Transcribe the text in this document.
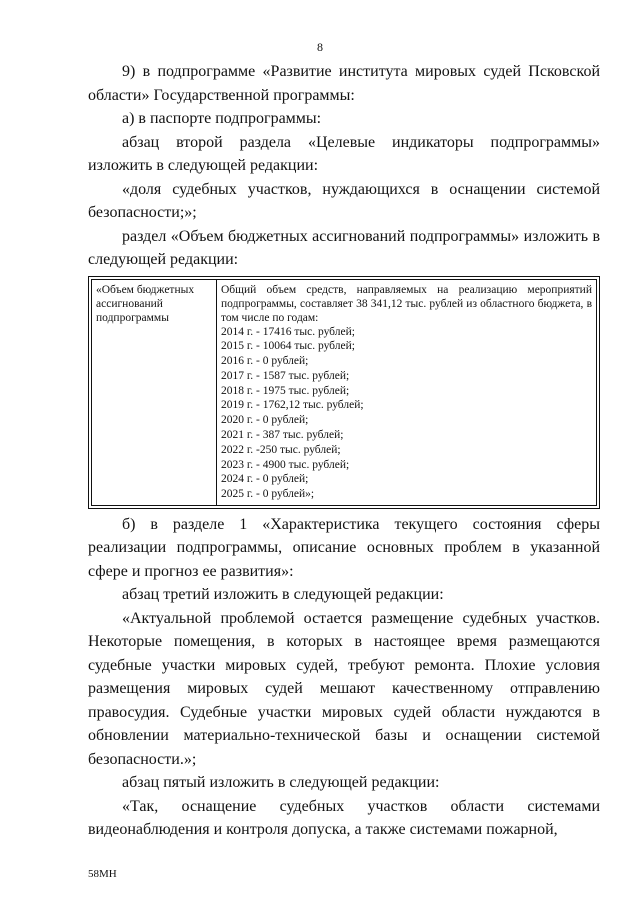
8

9) в подпрограмме «Развитие института мировых судей Псковской области» Государственной программы:

а) в паспорте подпрограммы:

абзац второй раздела «Целевые индикаторы подпрограммы» изложить в следующей редакции:

«доля судебных участков, нуждающихся в оснащении системой безопасности;»;

раздел «Объем бюджетных ассигнований подпрограммы» изложить в следующей редакции:

«Объем бюджетных ассигнований подпрограммы
Общий объем средств, направляемых на реализацию мероприятий подпрограммы, составляет 38 341,12 тыс. рублей из областного бюджета, в том числе по годам:
2014 г. - 17416 тыс. рублей;
2015 г. - 10064 тыс. рублей;
2016 г. - 0 рублей;
2017 г. - 1587 тыс. рублей;
2018 г. - 1975 тыс. рублей;
2019 г. - 1762,12 тыс. рублей;
2020 г. - 0 рублей;
2021 г. - 387 тыс. рублей;
2022 г. -250 тыс. рублей;
2023 г. - 4900 тыс. рублей;
2024 г. - 0 рублей;
2025 г. - 0 рублей»;

б) в разделе 1 «Характеристика текущего состояния сферы реализации подпрограммы, описание основных проблем в указанной сфере и прогноз ее развития»:

абзац третий изложить в следующей редакции:

«Актуальной проблемой остается размещение судебных участков. Некоторые помещения, в которых в настоящее время размещаются судебные участки мировых судей, требуют ремонта. Плохие условия размещения мировых судей мешают качественному отправлению правосудия. Судебные участки мировых судей области нуждаются в обновлении материально-технической базы и оснащении системой безопасности.»;

абзац пятый изложить в следующей редакции:

«Так, оснащение судебных участков области системами видеонаблюдения и контроля допуска, а также системами пожарной,

58МН
